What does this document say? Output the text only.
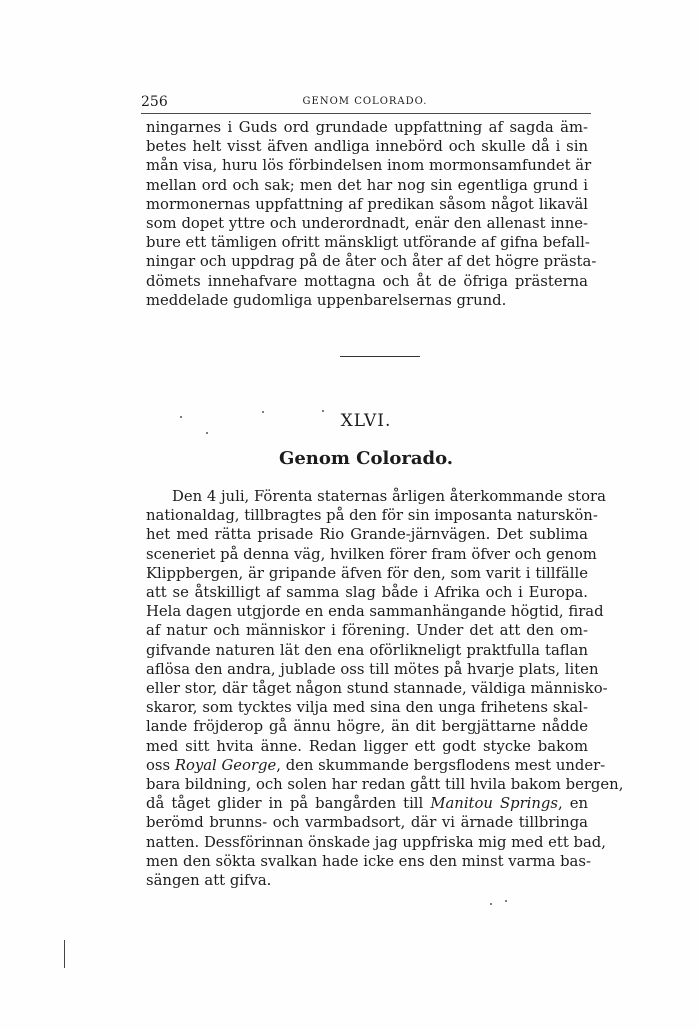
256	GENOM COLORADO.

ningarnes i Guds ord grundade uppfattning af sagda äm-
betes helt visst äfven andliga innebörd och skulle då i sin
mån visa, huru lös förbindelsen inom mormonsamfundet är
mellan ord och sak; men det har nog sin egentliga grund i
mormonernas uppfattning af predikan såsom något likaväl
som dopet yttre och underordnadt, enär den allenast inne-
bure ett tämligen ofritt mänskligt utförande af gifna befall-
ningar och uppdrag på de åter och åter af det högre prästa-
dömets innehafvare mottagna och åt de öfriga prästerna
meddelade gudomliga uppenbarelsernas grund.

XLVI.
Genom Colorado.

Den 4 juli, Förenta staternas årligen återkommande stora
nationaldag, tillbragtes på den för sin imposanta naturskön-
het med rätta prisade Rio Grande-järnvägen. Det sublima
sceneriet på denna väg, hvilken förer fram öfver och genom
Klippbergen, är gripande äfven för den, som varit i tillfälle
att se åtskilligt af samma slag både i Afrika och i Europa.
Hela dagen utgjorde en enda sammanhängande högtid, firad
af natur och människor i förening. Under det att den om-
gifvande naturen lät den ena oförlikneligt praktfulla taflan
aflösa den andra, jublade oss till mötes på hvarje plats, liten
eller stor, där tåget någon stund stannade, väldiga människo-
skaror, som tycktes vilja med sina den unga frihetens skal-
lande fröjderop gå ännu högre, än dit bergjättarne nådde
med sitt hvita änne. Redan ligger ett godt stycke bakom
oss Royal George, den skummande bergsflodens mest under-
bara bildning, och solen har redan gått till hvila bakom bergen,
då tåget glider in på bangården till Manitou Springs, en
berömd brunns- och varmbadsort, där vi ärnade tillbringa
natten. Dessförinnan önskade jag uppfriska mig med ett bad,
men den sökta svalkan hade icke ens den minst varma bas-
sängen att gifva.
